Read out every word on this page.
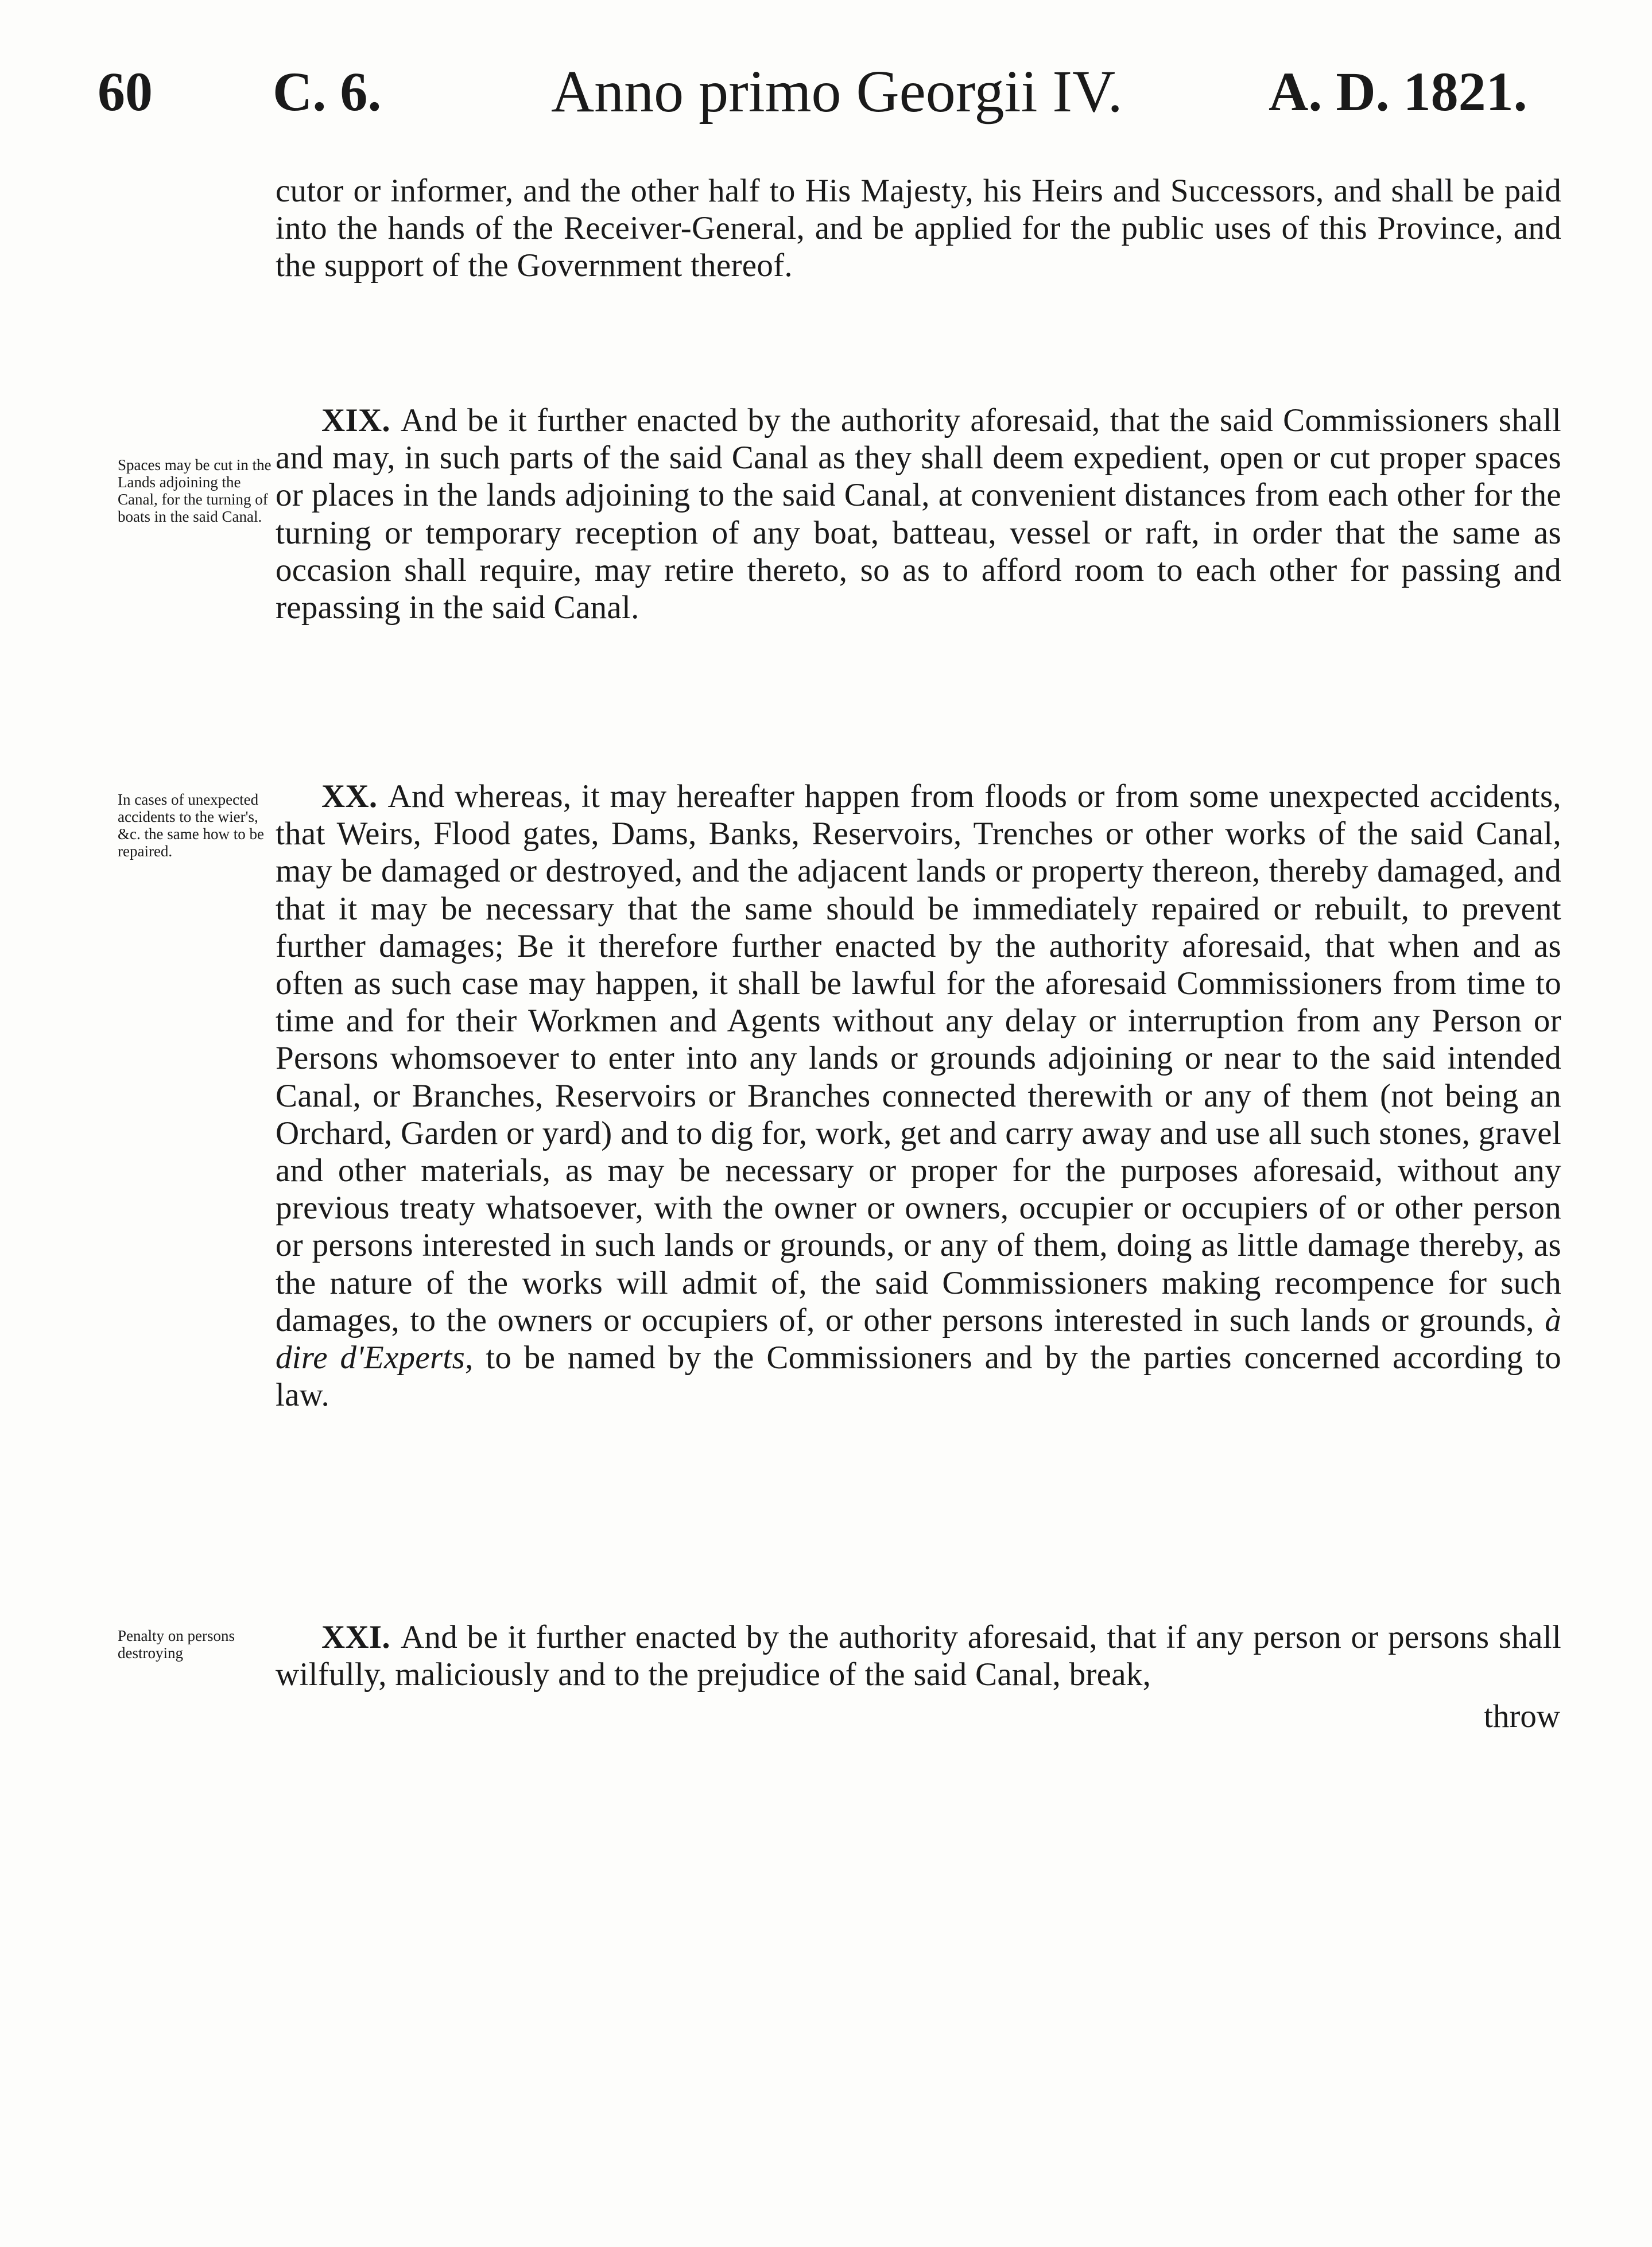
60 C. 6.	Anno primo Georgii IV.	A. D. 1821.
cutor or informer, and the other half to His Majesty, his Heirs and Successors, and shall be paid into the hands of the Receiver-General, and be applied for the public uses of this Province, and the support of the Government thereof.
Spaces may be cut in the Lands adjoining the Canal, for the turning of boats in the said Canal.
XIX. And be it further enacted by the authority aforesaid, that the said Commissioners shall and may, in such parts of the said Canal as they shall deem expedient, open or cut proper spaces or places in the lands adjoining to the said Canal, at convenient distances from each other for the turning or temporary reception of any boat, batteau, vessel or raft, in order that the same as occasion shall require, may retire thereto, so as to afford room to each other for passing and repassing in the said Canal.
In cases of unexpected accidents to the wier's, &c. the same how to be repaired.
XX. And whereas, it may hereafter happen from floods or from some unexpected accidents, that Weirs, Flood gates, Dams, Banks, Reservoirs, Trenches or other works of the said Canal, may be damaged or destroyed, and the adjacent lands or property thereon, thereby damaged, and that it may be necessary that the same should be immediately repaired or rebuilt, to prevent further damages; Be it therefore further enacted by the authority aforesaid, that when and as often as such case may happen, it shall be lawful for the aforesaid Commissioners from time to time and for their Workmen and Agents without any delay or interruption from any Person or Persons whomsoever to enter into any lands or grounds adjoining or near to the said intended Canal, or Branches, Reservoirs or Branches connected therewith or any of them (not being an Orchard, Garden or yard) and to dig for, work, get and carry away and use all such stones, gravel and other materials, as may be necessary or proper for the purposes aforesaid, without any previous treaty whatsoever, with the owner or owners, occupier or occupiers of or other person or persons interested in such lands or grounds, or any of them, doing as little damage thereby, as the nature of the works will admit of, the said Commissioners making recompence for such damages, to the owners or occupiers of, or other persons interested in such lands or grounds, à dire d'Experts, to be named by the Commissioners and by the parties concerned according to law.
Penalty on persons destroying	XXI. And be it further enacted by the authority aforesaid, that if any person or persons shall wilfully, maliciously and to the prejudice of the said Canal, break,
throw
